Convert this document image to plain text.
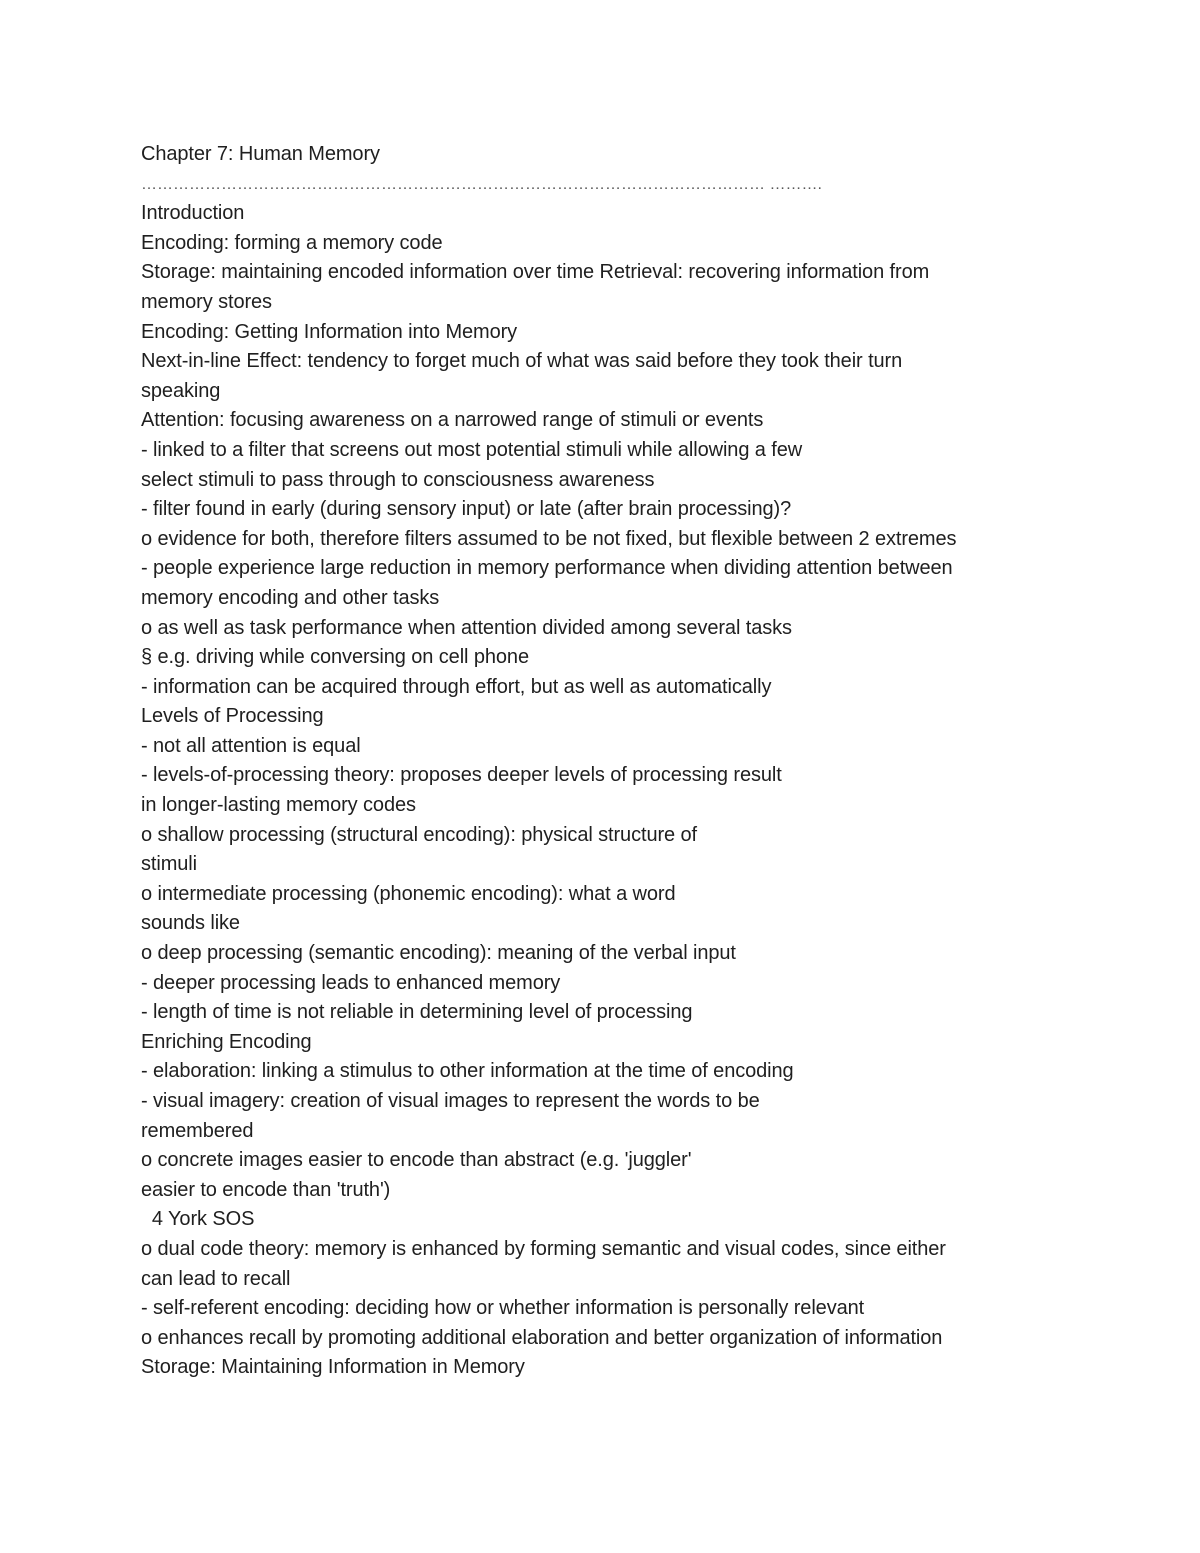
Chapter 7: Human Memory
……………………………………………………………………………………………………… ……….
Introduction
Encoding: forming a memory code
Storage: maintaining encoded information over time Retrieval: recovering information from
memory stores
Encoding: Getting Information into Memory
Next-in-line Effect: tendency to forget much of what was said before they took their turn
speaking
Attention: focusing awareness on a narrowed range of stimuli or events
- linked to a filter that screens out most potential stimuli while allowing a few
select stimuli to pass through to consciousness awareness
- filter found in early (during sensory input) or late (after brain processing)?
o evidence for both, therefore filters assumed to be not fixed, but flexible between 2 extremes
- people experience large reduction in memory performance when dividing attention between
memory encoding and other tasks
o as well as task performance when attention divided among several tasks
§ e.g. driving while conversing on cell phone
- information can be acquired through effort, but as well as automatically
Levels of Processing
- not all attention is equal
- levels-of-processing theory: proposes deeper levels of processing result
in longer-lasting memory codes
o shallow processing (structural encoding): physical structure of
stimuli
o intermediate processing (phonemic encoding): what a word
sounds like
o deep processing (semantic encoding): meaning of the verbal input
- deeper processing leads to enhanced memory
- length of time is not reliable in determining level of processing
Enriching Encoding
- elaboration: linking a stimulus to other information at the time of encoding
- visual imagery: creation of visual images to represent the words to be
remembered
o concrete images easier to encode than abstract (e.g. 'juggler'
easier to encode than 'truth')
4 York SOS
o dual code theory: memory is enhanced by forming semantic and visual codes, since either
can lead to recall
- self-referent encoding: deciding how or whether information is personally relevant
o enhances recall by promoting additional elaboration and better organization of information
Storage: Maintaining Information in Memory
